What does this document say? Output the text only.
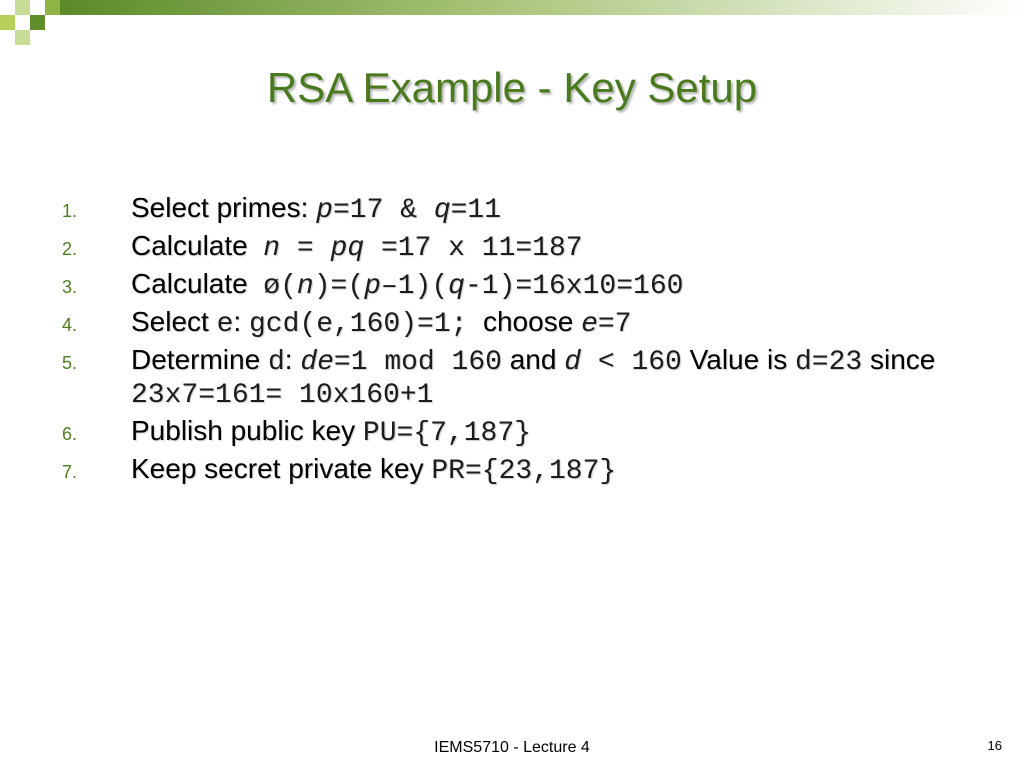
RSA Example - Key Setup
1.	Select primes: p=17 & q=11
2.	Calculate  n = pq =17 x 11=187
3.	Calculate  ø(n)=(p–1)(q-1)=16x10=160
4.	Select e: gcd(e,160)=1;  choose e=7
5.	Determine d: de=1 mod 160 and d < 160 Value is d=23 since
23x7=161= 10x160+1
6.	Publish public key PU={7,187}
7.	Keep secret private key PR={23,187}
IEMS5710 - Lecture 4	16
